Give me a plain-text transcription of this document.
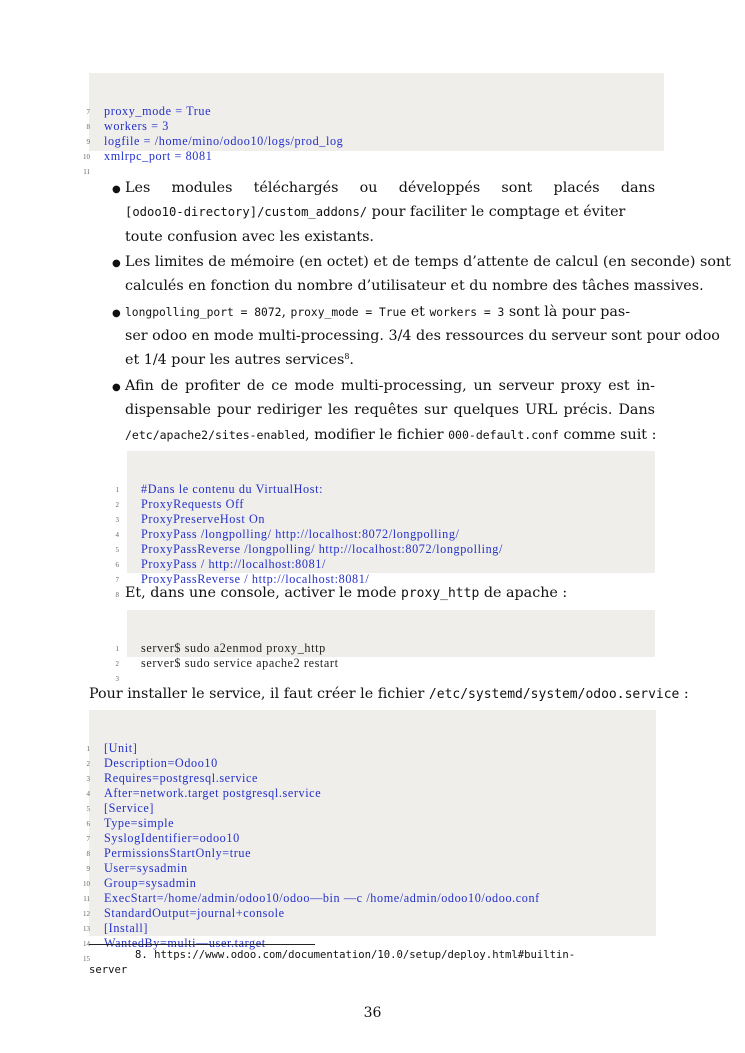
7 proxy_mode = True
8 workers = 3
9 logfile = /home/mino/odoo10/logs/prod_log
10 xmlrpc_port = 8081
11

● Les modules téléchargés ou développés sont placés dans
[odoo10-directory]/custom_addons/ pour faciliter le comptage et éviter
toute confusion avec les existants.
● Les limites de mémoire (en octet) et de temps d’attente de calcul (en seconde) sont
calculés en fonction du nombre d’utilisateur et du nombre des tâches massives.
● longpolling_port = 8072, proxy_mode = True et workers = 3 sont là pour pas-
ser odoo en mode multi-processing. 3/4 des ressources du serveur sont pour odoo
et 1/4 pour les autres services$^8$.
● Afin de profiter de ce mode multi-processing, un serveur proxy est in-
dispensable pour rediriger les requêtes sur quelques URL précis. Dans
/etc/apache2/sites-enabled, modifier le fichier 000-default.conf comme suit :

1 #Dans le contenu du VirtualHost:
2 ProxyRequests Off
3 ProxyPreserveHost On
4 ProxyPass /longpolling/ http://localhost:8072/longpolling/
5 ProxyPassReverse /longpolling/ http://localhost:8072/longpolling/
6 ProxyPass / http://localhost:8081/
7 ProxyPassReverse / http://localhost:8081/
8

Et, dans une console, activer le mode proxy_http de apache :

1 server$ sudo a2enmod proxy_http
2 server$ sudo service apache2 restart
3

Pour installer le service, il faut créer le fichier /etc/systemd/system/odoo.service :

1 [Unit]
2 Description=Odoo10
3 Requires=postgresql.service
4 After=network.target postgresql.service
5 [Service]
6 Type=simple
7 SyslogIdentifier=odoo10
8 PermissionsStartOnly=true
9 User=sysadmin
10 Group=sysadmin
11 ExecStart=/home/admin/odoo10/odoo—bin —c /home/admin/odoo10/odoo.conf
12 StandardOutput=journal+console
13 [Install]
14 WantedBy=multi—user.target
15

	8. https://www.odoo.com/documentation/10.0/setup/deploy.html#builtin-
server
36
